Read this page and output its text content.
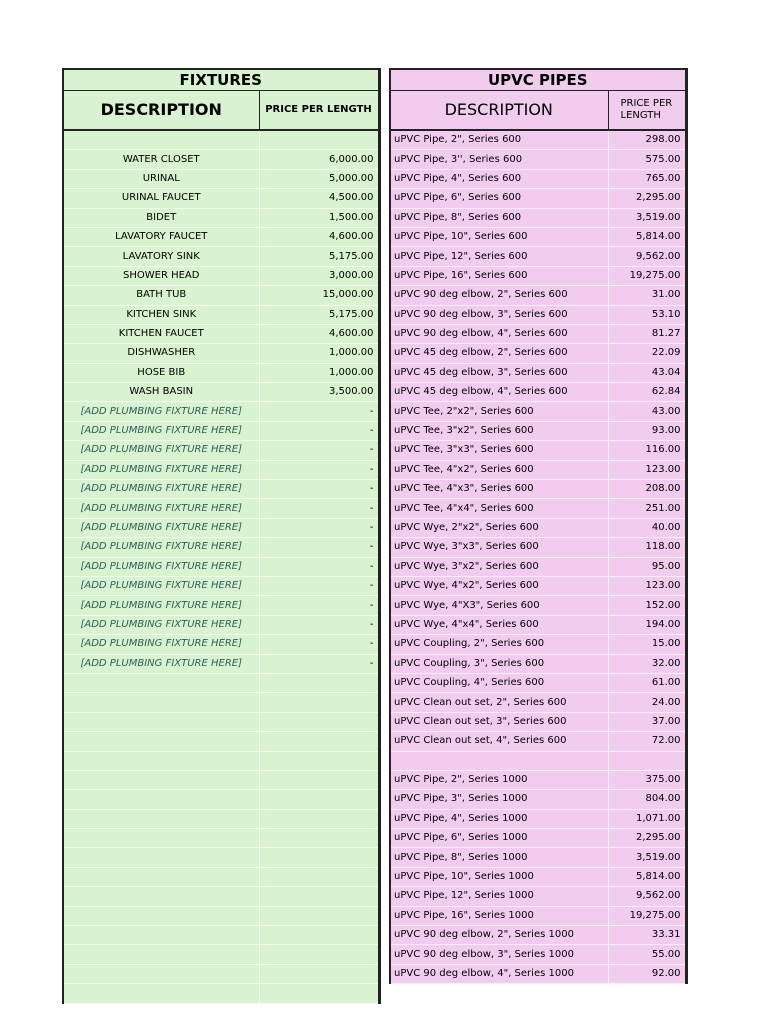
FIXTURES	
DESCRIPTION	PRICE PER LENGTH

WATER CLOSET	6,000.00
URINAL	5,000.00
URINAL FAUCET	4,500.00
BIDET	1,500.00
LAVATORY FAUCET	4,600.00
LAVATORY SINK	5,175.00
SHOWER HEAD	3,000.00
BATH TUB	15,000.00
KITCHEN SINK	5,175.00
KITCHEN FAUCET	4,600.00
DISHWASHER	1,000.00
HOSE BIB	1,000.00
WASH BASIN	3,500.00
[ADD PLUMBING FIXTURE HERE]	-
[ADD PLUMBING FIXTURE HERE]	-
[ADD PLUMBING FIXTURE HERE]	-
[ADD PLUMBING FIXTURE HERE]	-
[ADD PLUMBING FIXTURE HERE]	-
[ADD PLUMBING FIXTURE HERE]	-
[ADD PLUMBING FIXTURE HERE]	-
[ADD PLUMBING FIXTURE HERE]	-
[ADD PLUMBING FIXTURE HERE]	-
[ADD PLUMBING FIXTURE HERE]	-
[ADD PLUMBING FIXTURE HERE]	-
[ADD PLUMBING FIXTURE HERE]	-
[ADD PLUMBING FIXTURE HERE]	-
[ADD PLUMBING FIXTURE HERE]	-

UPVC PIPES	
DESCRIPTION	PRICE PER LENGTH
uPVC Pipe, 2", Series 600	298.00
uPVC Pipe, 3'', Series 600	575.00
uPVC Pipe, 4", Series 600	765.00
uPVC Pipe, 6", Series 600	2,295.00
uPVC Pipe, 8", Series 600	3,519.00
uPVC Pipe, 10", Series 600	5,814.00
uPVC Pipe, 12", Series 600	9,562.00
uPVC Pipe, 16", Series 600	19,275.00
uPVC 90 deg elbow, 2", Series 600	31.00
uPVC 90 deg elbow, 3", Series 600	53.10
uPVC 90 deg elbow, 4", Series 600	81.27
uPVC 45 deg elbow, 2", Series 600	22.09
uPVC 45 deg elbow, 3", Series 600	43.04
uPVC 45 deg elbow, 4", Series 600	62.84
uPVC Tee, 2"x2", Series 600	43.00
uPVC Tee, 3"x2", Series 600	93.00
uPVC Tee, 3"x3", Series 600	116.00
uPVC Tee, 4"x2", Series 600	123.00
uPVC Tee, 4"x3", Series 600	208.00
uPVC Tee, 4"x4", Series 600	251.00
uPVC Wye, 2"x2", Series 600	40.00
uPVC Wye, 3"x3", Series 600	118.00
uPVC Wye, 3"x2", Series 600	95.00
uPVC Wye, 4"x2", Series 600	123.00
uPVC Wye, 4"X3", Series 600	152.00
uPVC Wye, 4"x4", Series 600	194.00
uPVC Coupling, 2", Series 600	15.00
uPVC Coupling, 3", Series 600	32.00
uPVC Coupling, 4", Series 600	61.00
uPVC Clean out set, 2", Series 600	24.00
uPVC Clean out set, 3", Series 600	37.00
uPVC Clean out set, 4", Series 600	72.00

uPVC Pipe, 2", Series 1000	375.00
uPVC Pipe, 3", Series 1000	804.00
uPVC Pipe, 4", Series 1000	1,071.00
uPVC Pipe, 6", Series 1000	2,295.00
uPVC Pipe, 8", Series 1000	3,519.00
uPVC Pipe, 10", Series 1000	5,814.00
uPVC Pipe, 12", Series 1000	9,562.00
uPVC Pipe, 16", Series 1000	19,275.00
uPVC 90 deg elbow, 2", Series 1000	33.31
uPVC 90 deg elbow, 3", Series 1000	55.00
uPVC 90 deg elbow, 4", Series 1000	92.00
